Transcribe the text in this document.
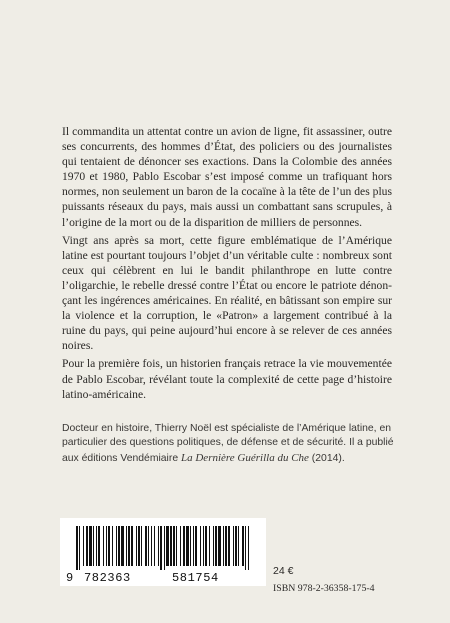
Il commandita un attentat contre un avion de ligne, fit assassiner, outre ses concurrents, des hommes d’État, des policiers ou des journalistes qui tentaient de dénoncer ses exactions. Dans la Colombie des années 1970 et 1980, Pablo Escobar s’est imposé comme un trafiquant hors normes, non seulement un baron de la cocaïne à la tête de l’un des plus puissants réseaux du pays, mais aussi un combattant sans scrupules, à l’origine de la mort ou de la disparition de milliers de personnes.

Vingt ans après sa mort, cette figure emblématique de l’Amérique latine est pourtant toujours l’objet d’un véritable culte : nombreux sont ceux qui célèbrent en lui le bandit philanthrope en lutte contre l’oligarchie, le rebelle dressé contre l’État ou encore le patriote dénonçant les ingérences américaines. En réalité, en bâtissant son empire sur la violence et la corruption, le «Patron» a largement contribué à la ruine du pays, qui peine aujourd’hui encore à se relever de ces années noires.

Pour la première fois, un historien français retrace la vie mouvementée de Pablo Escobar, révélant toute la complexité de cette page d’histoire latino-américaine.

Docteur en histoire, Thierry Noël est spécialiste de l’Amérique latine, en particulier des questions politiques, de défense et de sécurité. Il a publié aux éditions Vendémiaire La Dernière Guérilla du Che (2014).
9 782363	581754	24 €
ISBN 978-2-36358-175-4
